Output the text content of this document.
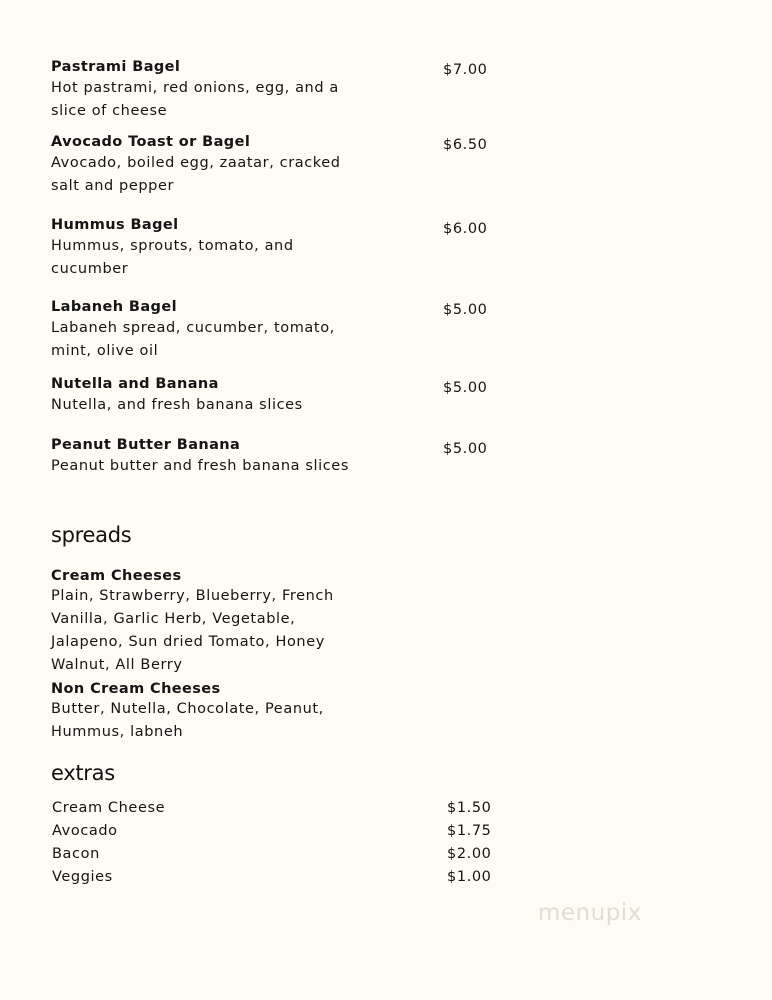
Pastrami Bagel
Hot pastrami, red onions, egg, and a
slice of cheese
$7.00
Avocado Toast or Bagel
Avocado, boiled egg, zaatar, cracked
salt and pepper
$6.50
Hummus Bagel
Hummus, sprouts, tomato, and
cucumber
$6.00
Labaneh Bagel
Labaneh spread, cucumber, tomato,
mint, olive oil
$5.00
Nutella and Banana
Nutella, and fresh banana slices
$5.00
Peanut Butter Banana
Peanut butter and fresh banana slices
$5.00
spreads
Cream Cheeses
Plain, Strawberry, Blueberry, French
Vanilla, Garlic Herb, Vegetable,
Jalapeno, Sun dried Tomato, Honey
Walnut, All Berry
Non Cream Cheeses
Butter, Nutella, Chocolate, Peanut,
Hummus, labneh
extras
Cream Cheese	$1.50
Avocado	$1.75
Bacon	$2.00
Veggies	$1.00
menupix
